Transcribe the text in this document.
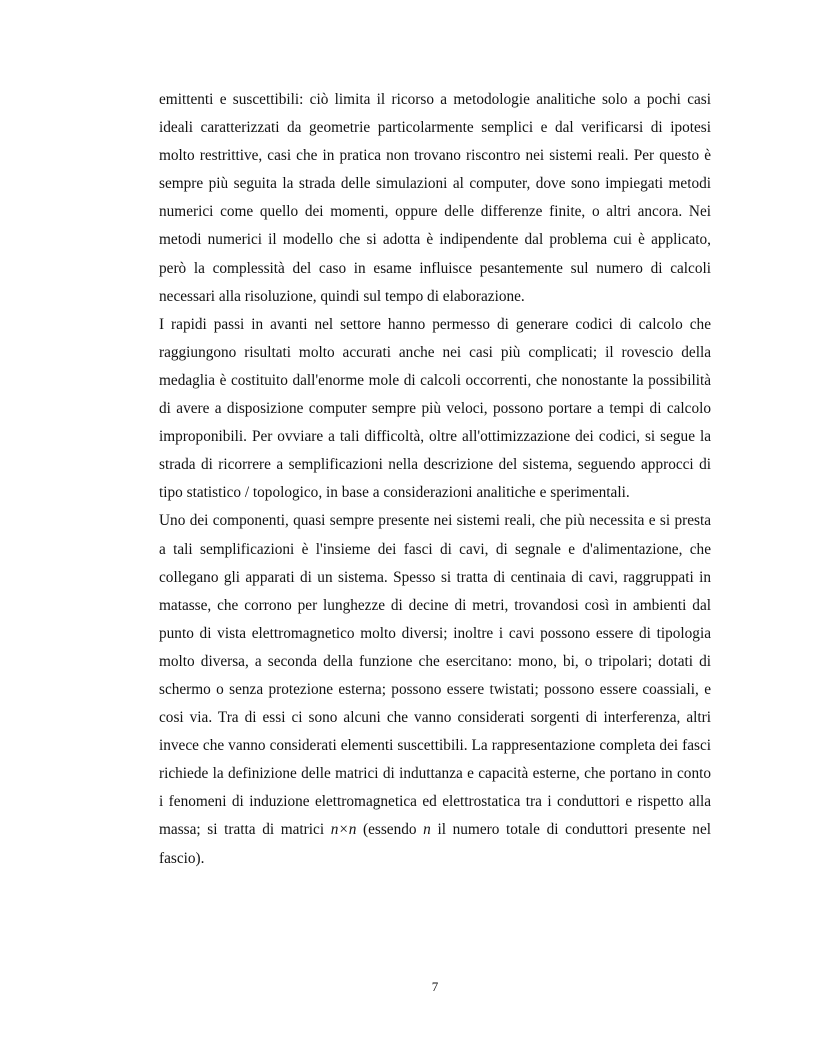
emittenti e suscettibili: ciò limita il ricorso a metodologie analitiche solo a pochi casi ideali caratterizzati da geometrie particolarmente semplici e dal verificarsi di ipotesi molto restrittive, casi che in pratica non trovano riscontro nei sistemi reali. Per questo è sempre più seguita la strada delle simulazioni al computer, dove sono impiegati metodi numerici come quello dei momenti, oppure delle differenze finite, o altri ancora. Nei metodi numerici il modello che si adotta è indipendente dal problema cui è applicato, però la complessità del caso in esame influisce pesantemente sul numero di calcoli necessari alla risoluzione, quindi sul tempo di elaborazione.

I rapidi passi in avanti nel settore hanno permesso di generare codici di calcolo che raggiungono risultati molto accurati anche nei casi più complicati; il rovescio della medaglia è costituito dall'enorme mole di calcoli occorrenti, che nonostante la possibilità di avere a disposizione computer sempre più veloci, possono portare a tempi di calcolo improponibili. Per ovviare a tali difficoltà, oltre all'ottimizzazione dei codici, si segue la strada di ricorrere a semplificazioni nella descrizione del sistema, seguendo approcci di tipo statistico / topologico, in base a considerazioni analitiche e sperimentali.

Uno dei componenti, quasi sempre presente nei sistemi reali, che più necessita e si presta a tali semplificazioni è l'insieme dei fasci di cavi, di segnale e d'alimentazione, che collegano gli apparati di un sistema. Spesso si tratta di centinaia di cavi, raggruppati in matasse, che corrono per lunghezze di decine di metri, trovandosi così in ambienti dal punto di vista elettromagnetico molto diversi; inoltre i cavi possono essere di tipologia molto diversa, a seconda della funzione che esercitano: mono, bi, o tripolari; dotati di schermo o senza protezione esterna; possono essere twistati; possono essere coassiali, e cosi via. Tra di essi ci sono alcuni che vanno considerati sorgenti di interferenza, altri invece che vanno considerati elementi suscettibili. La rappresentazione completa dei fasci richiede la definizione delle matrici di induttanza e capacità esterne, che portano in conto i fenomeni di induzione elettromagnetica ed elettrostatica tra i conduttori e rispetto alla massa; si tratta di matrici n×n (essendo n il numero totale di conduttori presente nel fascio).

7
